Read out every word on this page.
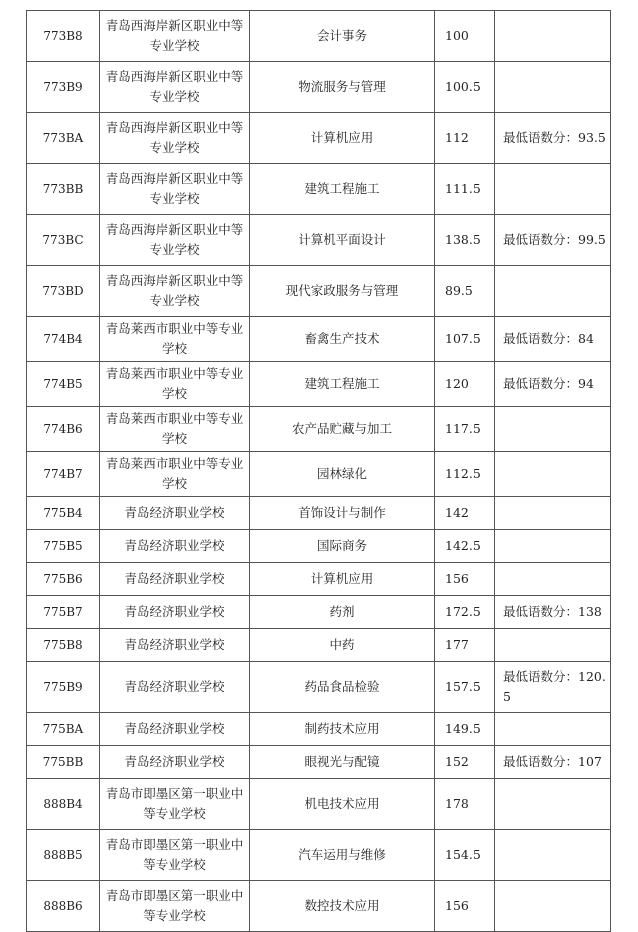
773B8	青岛西海岸新区职业中等专业学校	会计事务	100	
773B9	青岛西海岸新区职业中等专业学校	物流服务与管理	100.5	
773BA	青岛西海岸新区职业中等专业学校	计算机应用	112	最低语数分：93.5
773BB	青岛西海岸新区职业中等专业学校	建筑工程施工	111.5	
773BC	青岛西海岸新区职业中等专业学校	计算机平面设计	138.5	最低语数分：99.5
773BD	青岛西海岸新区职业中等专业学校	现代家政服务与管理	89.5	
774B4	青岛莱西市职业中等专业学校	畜禽生产技术	107.5	最低语数分：84
774B5	青岛莱西市职业中等专业学校	建筑工程施工	120	最低语数分：94
774B6	青岛莱西市职业中等专业学校	农产品贮藏与加工	117.5	
774B7	青岛莱西市职业中等专业学校	园林绿化	112.5	
775B4	青岛经济职业学校	首饰设计与制作	142	
775B5	青岛经济职业学校	国际商务	142.5	
775B6	青岛经济职业学校	计算机应用	156	
775B7	青岛经济职业学校	药剂	172.5	最低语数分：138
775B8	青岛经济职业学校	中药	177	
775B9	青岛经济职业学校	药品食品检验	157.5	最低语数分：120.5
775BA	青岛经济职业学校	制药技术应用	149.5	
775BB	青岛经济职业学校	眼视光与配镜	152	最低语数分：107
888B4	青岛市即墨区第一职业中等专业学校	机电技术应用	178	
888B5	青岛市即墨区第一职业中等专业学校	汽车运用与维修	154.5	
888B6	青岛市即墨区第一职业中等专业学校	数控技术应用	156	
